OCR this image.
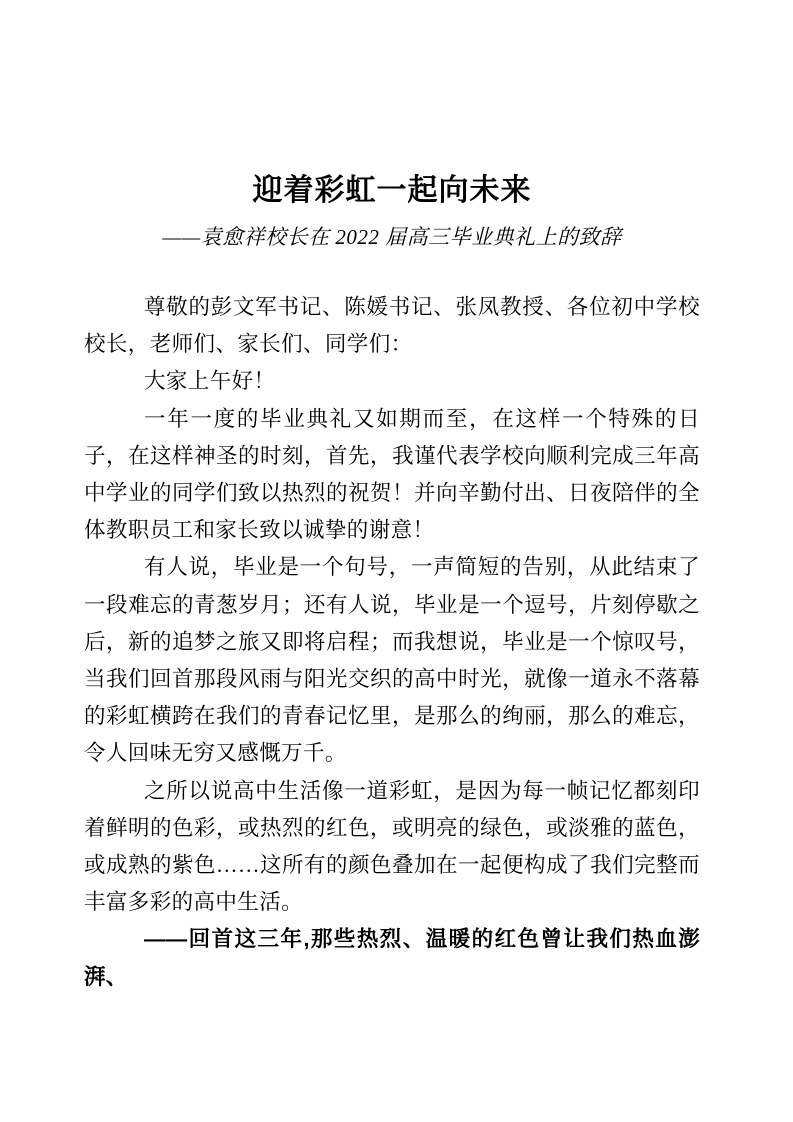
迎着彩虹一起向未来

——袁愈祥校长在 2022 届高三毕业典礼上的致辞

尊敬的彭文军书记、陈媛书记、张凤教授、各位初中学校校长，老师们、家长们、同学们：

大家上午好！

一年一度的毕业典礼又如期而至，在这样一个特殊的日子，在这样神圣的时刻，首先，我谨代表学校向顺利完成三年高中学业的同学们致以热烈的祝贺！并向辛勤付出、日夜陪伴的全体教职员工和家长致以诚挚的谢意！

有人说，毕业是一个句号，一声简短的告别，从此结束了一段难忘的青葱岁月；还有人说，毕业是一个逗号，片刻停歇之后，新的追梦之旅又即将启程；而我想说，毕业是一个惊叹号，当我们回首那段风雨与阳光交织的高中时光，就像一道永不落幕的彩虹横跨在我们的青春记忆里，是那么的绚丽，那么的难忘，令人回味无穷又感慨万千。

之所以说高中生活像一道彩虹，是因为每一帧记忆都刻印着鲜明的色彩，或热烈的红色，或明亮的绿色，或淡雅的蓝色，或成熟的紫色……这所有的颜色叠加在一起便构成了我们完整而丰富多彩的高中生活。

——回首这三年,那些热烈、温暖的红色曾让我们热血澎湃、
